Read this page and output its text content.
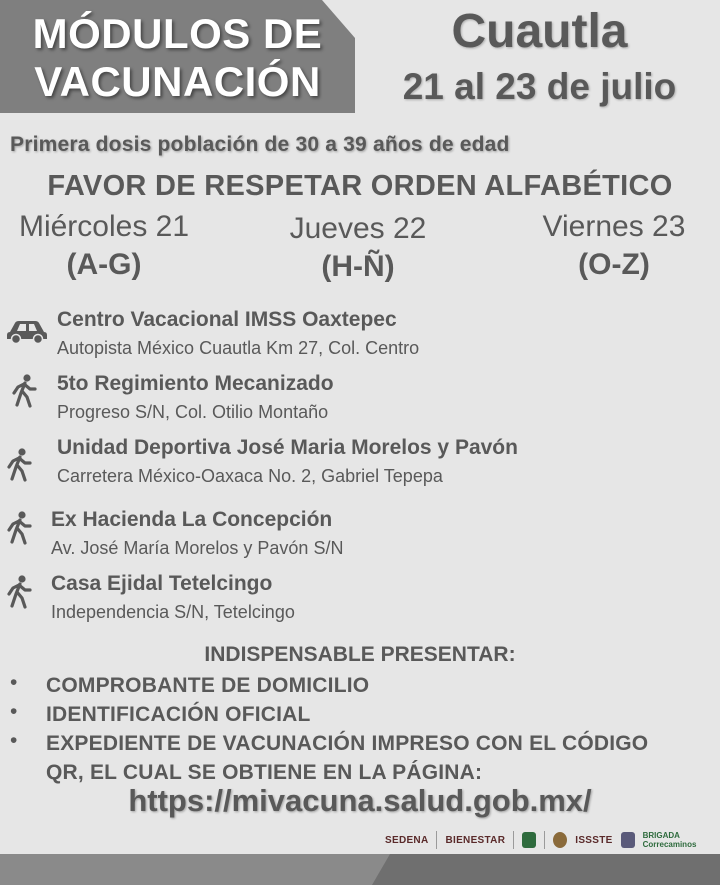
MÓDULOS DE
VACUNACIÓN
Cuautla
21 al 23 de julio
Primera dosis población de 30 a 39 años de edad
FAVOR DE RESPETAR ORDEN ALFABÉTICO
Miércoles 21
(A-G)
Jueves 22
(H-Ñ)
Viernes 23
(O-Z)
Centro Vacacional IMSS Oaxtepec
Autopista México Cuautla Km 27, Col. Centro
5to Regimiento Mecanizado
Progreso S/N, Col. Otilio Montaño
Unidad Deportiva José Maria Morelos y Pavón
Carretera México-Oaxaca No. 2, Gabriel Tepepa
Ex Hacienda La Concepción
Av. José María Morelos y Pavón S/N
Casa Ejidal Tetelcingo
Independencia S/N, Tetelcingo
INDISPENSABLE PRESENTAR:
• COMPROBANTE DE DOMICILIO
• IDENTIFICACIÓN OFICIAL
• EXPEDIENTE DE VACUNACIÓN IMPRESO CON EL CÓDIGO QR, EL CUAL SE OBTIENE EN LA PÁGINA:
https://mivacuna.salud.gob.mx/
SEDENA BIENESTAR	ISSSTE	BRIGADA
Correcaminos
